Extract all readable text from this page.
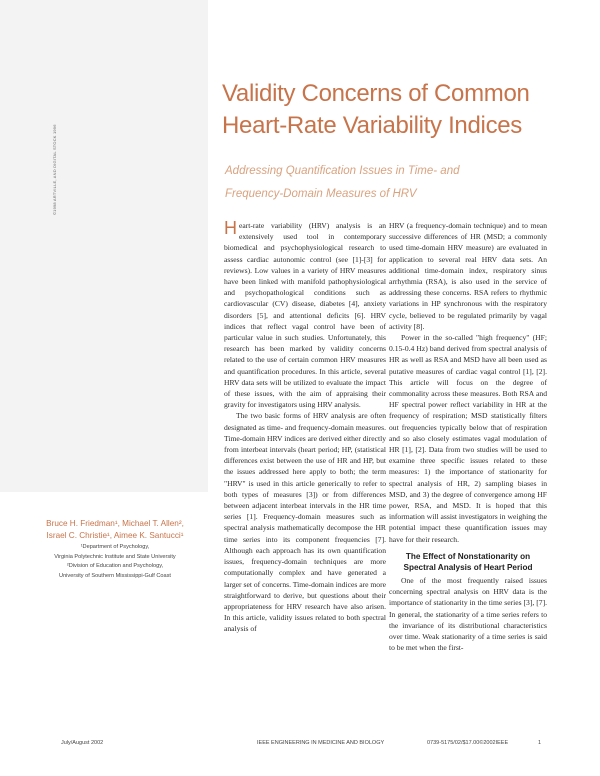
©1998 ARTVILLE, AND DIGITAL STOCK 1996
Validity Concerns of Common
Heart-Rate Variability Indices
Addressing Quantification Issues in Time- and
Frequency-Domain Measures of HRV

Heart-rate variability (HRV) analysis is an extensively used tool in contemporary biomedical and psychophysiological research to assess cardiac autonomic control (see [1]-[3] for reviews). Low values in a variety of HRV measures have been linked with manifold pathophysiological and psychopathological conditions such as cardiovascular (CV) disease, diabetes [4], anxiety disorders [5], and attentional deficits [6]. HRV indices that reflect vagal control have been of particular value in such studies. Unfortunately, this research has been marked by validity concerns related to the use of certain common HRV measures and quantification procedures. In this article, several HRV data sets will be utilized to evaluate the impact of these issues, with the aim of appraising their gravity for investigators using HRV analysis.

The two basic forms of HRV analysis are often designated as time- and frequency-domain measures. Time-domain HRV indices are derived either directly from interbeat intervals (heart period; HP, (statistical differences exist between the use of HR and HP, but the issues addressed here apply to both; the term "HRV" is used in this article generically to refer to both types of measures [3]) or from differences between adjacent interbeat intervals in the HR time series [1]. Frequency-domain measures such as spectral analysis mathematically decompose the HR time series into its component frequencies [7]. Although each approach has its own quantification issues, frequency-domain techniques are more computationally complex and have generated a larger set of concerns. Time-domain indices are more straightforward to derive, but questions about their appropriateness for HRV research have also arisen. In this article, validity issues related to both spectral analysis of

HRV (a frequency-domain technique) and to mean successive differences of HR (MSD; a commonly used time-domain HRV measure) are evaluated in application to several real HRV data sets. An additional time-domain index, respiratory sinus arrhythmia (RSA), is also used in the service of addressing these concerns. RSA refers to rhythmic variations in HP synchronous with the respiratory cycle, believed to be regulated primarily by vagal activity [8].

Power in the so-called "high frequency" (HF; 0.15-0.4 Hz) band derived from spectral analysis of HR as well as RSA and MSD have all been used as putative measures of cardiac vagal control [1], [2]. This article will focus on the degree of commonality across these measures. Both RSA and HF spectral power reflect variability in HR at the frequency of respiration; MSD statistically filters out frequencies typically below that of respiration and so also closely estimates vagal modulation of HR [1], [2]. Data from two studies will be used to examine three specific issues related to these measures: 1) the importance of stationarity for spectral analysis of HR, 2) sampling biases in MSD, and 3) the degree of convergence among HF power, RSA, and MSD. It is hoped that this information will assist investigators in weighing the potential impact these quantification issues may have for their research.

The Effect of Nonstationarity on Spectral Analysis of Heart Period

One of the most frequently raised issues concerning spectral analysis on HRV data is the importance of stationarity in the time series [3], [7]. In general, the stationarity of a time series refers to the invariance of its distributional characteristics over time. Weak stationarity of a time series is said to be met when the first-

Bruce H. Friedman¹, Michael T. Allen²,
Israel C. Christie¹, Aimee K. Santucci¹
¹Department of Psychology,
Virginia Polytechnic Institute and State University
²Division of Education and Psychology,
University of Southern Mississippi-Gulf Coast
July/August 2002	IEEE ENGINEERING IN MEDICINE AND BIOLOGY	0739-5175/02/$17.00©2002IEEE	1
